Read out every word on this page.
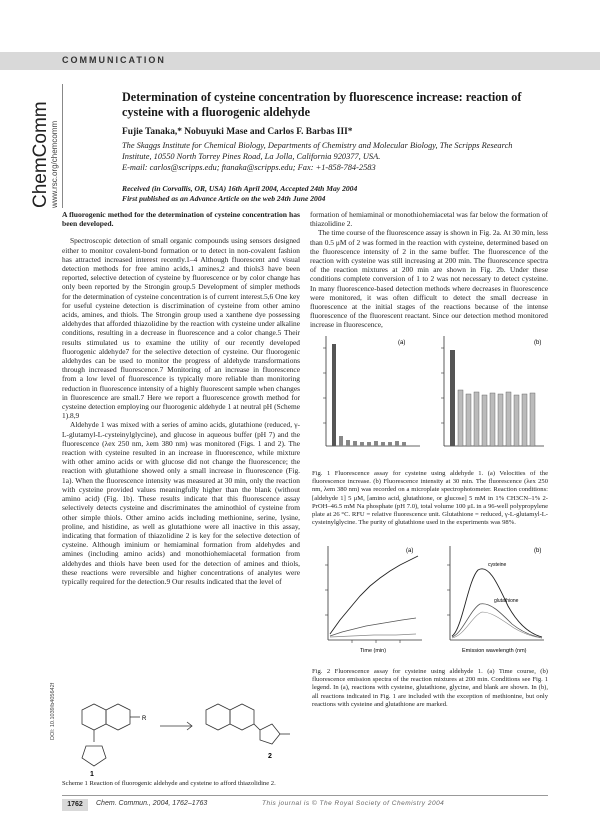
COMMUNICATION
ChemComm www.rsc.org/chemcomm
Determination of cysteine concentration by fluorescence increase: reaction of cysteine with a fluorogenic aldehyde
Fujie Tanaka,* Nobuyuki Mase and Carlos F. Barbas III*
The Skaggs Institute for Chemical Biology, Departments of Chemistry and Molecular Biology, The Scripps Research Institute, 10550 North Torrey Pines Road, La Jolla, California 920377, USA.
E-mail: carlos@scripps.edu; ftanaka@scripps.edu; Fax: +1-858-784-2583
Received (in Corvallis, OR, USA) 16th April 2004, Accepted 24th May 2004
First published as an Advance Article on the web 24th June 2004

A fluorogenic method for the determination of cysteine concentration has been developed.

Spectroscopic detection of small organic compounds using sensors designed either to monitor covalent-bond formation or to detect in non-covalent fashion has attracted increased interest recently.1–4 Although fluorescent and visual detection methods for free amino acids,1 amines,2 and thiols3 have been reported, selective detection of cysteine by fluorescence or by color change has only been reported by the Strongin group.5 Development of simpler methods for the determination of cysteine concentration is of current interest.5,6 One key for useful cysteine detection is discrimination of cysteine from other amino acids, amines, and thiols. The Strongin group used a xanthene dye possessing aldehydes that afforded thiazolidine by the reaction with cysteine under alkaline conditions, resulting in a decrease in fluorescence and a color change.5 Their results stimulated us to examine the utility of our recently developed fluorogenic aldehyde7 for the selective detection of cysteine. Our fluorogenic aldehydes can be used to monitor the progress of aldehyde transformations through increased fluorescence.7 Monitoring of an increase in fluorescence from a low level of fluorescence is typically more reliable than monitoring reduction in fluorescence intensity of a highly fluorescent sample when changes in fluorescence are small.7 Here we report a fluorescence growth method for cysteine detection employing our fluorogenic aldehyde 1 at neutral pH (Scheme 1).8,9

Aldehyde 1 was mixed with a series of amino acids, glutathione (reduced, γ-L-glutamyl-L-cysteinylglycine), and glucose in aqueous buffer (pH 7) and the fluorescence (λex 250 nm, λem 380 nm) was monitored (Figs. 1 and 2). The reaction with cysteine resulted in an increase in fluorescence, while mixture with other amino acids or with glucose did not change the fluorescence; the reaction with glutathione showed only a small increase in fluorescence (Fig. 1a). When the fluorescence intensity was measured at 30 min, only the reaction with cysteine provided values meaningfully higher than the blank (without amino acid) (Fig. 1b). These results indicate that this fluorescence assay selectively detects cysteine and discriminates the aminothiol of cysteine from other simple thiols. Other amino acids including methionine, serine, lysine, proline, and histidine, as well as glutathione were all inactive in this assay, indicating that formation of thiazolidine 2 is key for the selective detection of cysteine. Although iminium or hemiaminal formation from aldehydes and amines (including amino acids) and monothiohemiacetal formation from aldehydes and thiols have been used for the detection of amines and thiols, these reactions were reversible and higher concentrations of analytes were typically required for the detection.9 Our results indicated that the level of

formation of hemiaminal or monothiohemiacetal was far below the formation of thiazolidine 2.

The time course of the fluorescence assay is shown in Fig. 2a. At 30 min, less than 0.5 μM of 2 was formed in the reaction with cysteine, determined based on the fluorescence intensity of 2 in the same buffer. The fluorescence of the reaction with cysteine was still increasing at 200 min. The fluorescence spectra of the reaction mixtures at 200 min are shown in Fig. 2b. Under these conditions complete conversion of 1 to 2 was not necessary to detect cysteine. In many fluorescence-based detection methods where decreases in fluorescence were monitored, it was often difficult to detect the small decrease in fluorescence at the initial stages of the reactions because of the intense fluorescence of the fluorescent reactant. Since our detection method monitored increase in fluorescence,

(a)	(b)
Fig. 1 Fluorescence assay for cysteine using aldehyde 1. (a) Velocities of the fluorescence increase. (b) Fluorescence intensity at 30 min. The fluorescence (λex 250 nm, λem 380 nm) was recorded on a microplate spectrophotometer. Reaction conditions: [aldehyde 1] 5 μM, [amino acid, glutathione, or glucose] 5 mM in 1% CH3CN–1% 2-PrOH–46.5 mM Na phosphate (pH 7.0), total volume 100 μL in a 96-well polypropylene plate at 26 °C. RFU = relative fluorescence unit. Glutathione = reduced, γ-L-glutamyl-L-cysteinylglycine. The purity of glutathione used in the experiments was 98%.
(a)
Time (min)
(b)
cysteine
glutathione
Emission wavelength (nm)
Fig. 2 Fluorescence assay for cysteine using aldehyde 1. (a) Time course, (b) fluorescence emission spectra of the reaction mixtures at 200 min. Conditions see Fig. 1 legend. In (a), reactions with cysteine, glutathione, glycine, and blank are shown. In (b), all reactions indicated in Fig. 1 are included with the exception of methionine, but only reactions with cysteine and glutathione are marked.
R
1
2
Scheme 1 Reaction of fluorogenic aldehyde and cysteine to afford thiazolidine 2.
DOI: 10.1039/b405642f
1762	Chem. Commun., 2004, 1762–1763	This journal is © The Royal Society of Chemistry 2004
